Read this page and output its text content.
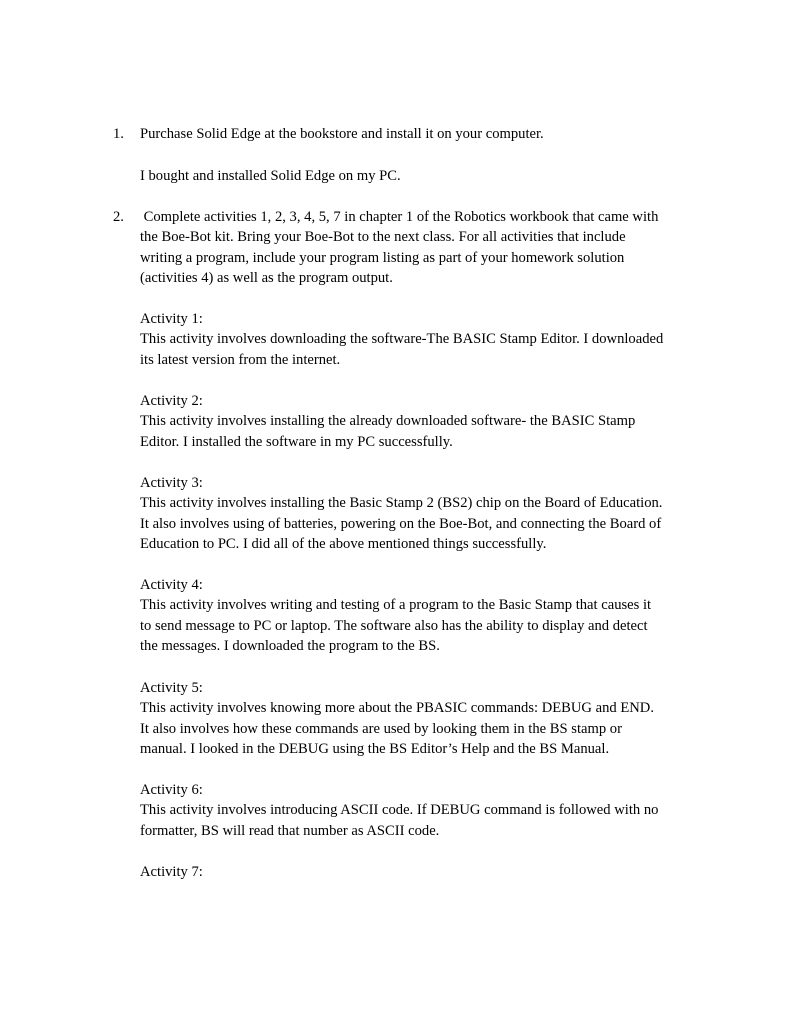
1.	Purchase Solid Edge at the bookstore and install it on your computer.
I bought and installed Solid Edge on my PC.
2.	Complete activities 1, 2, 3, 4, 5, 7 in chapter 1 of the Robotics workbook that came with
the Boe-Bot kit. Bring your Boe-Bot to the next class. For all activities that include
writing a program, include your program listing as part of your homework solution
(activities 4) as well as the program output.
Activity 1:
This activity involves downloading the software-The BASIC Stamp Editor. I downloaded
its latest version from the internet.
Activity 2:
This activity involves installing the already downloaded software- the BASIC Stamp
Editor. I installed the software in my PC successfully.
Activity 3:
This activity involves installing the Basic Stamp 2 (BS2) chip on the Board of Education.
It also involves using of batteries, powering on the Boe-Bot, and connecting the Board of
Education to PC. I did all of the above mentioned things successfully.
Activity 4:
This activity involves writing and testing of a program to the Basic Stamp that causes it
to send message to PC or laptop. The software also has the ability to display and detect
the messages. I downloaded the program to the BS.
Activity 5:
This activity involves knowing more about the PBASIC commands: DEBUG and END.
It also involves how these commands are used by looking them in the BS stamp or
manual. I looked in the DEBUG using the BS Editor’s Help and the BS Manual.
Activity 6:
This activity involves introducing ASCII code. If DEBUG command is followed with no
formatter, BS will read that number as ASCII code.
Activity 7:
